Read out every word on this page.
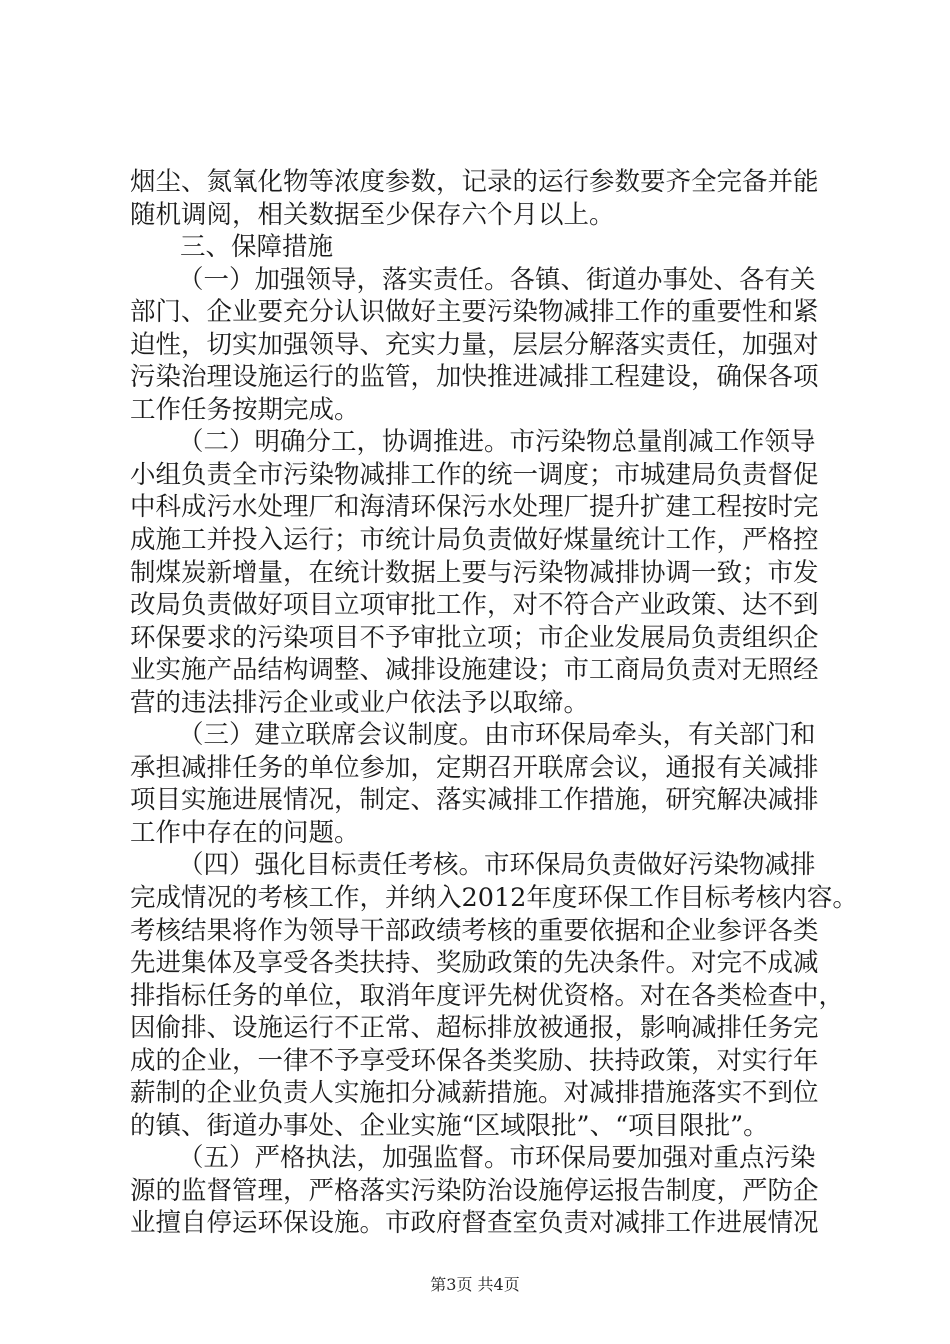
烟尘、氮氧化物等浓度参数，记录的运行参数要齐全完备并能
随机调阅，相关数据至少保存六个月以上。
三、保障措施
（一）加强领导，落实责任。各镇、街道办事处、各有关
部门、企业要充分认识做好主要污染物减排工作的重要性和紧
迫性，切实加强领导、充实力量，层层分解落实责任，加强对
污染治理设施运行的监管，加快推进减排工程建设，确保各项
工作任务按期完成。
（二）明确分工，协调推进。市污染物总量削减工作领导
小组负责全市污染物减排工作的统一调度；市城建局负责督促
中科成污水处理厂和海清环保污水处理厂提升扩建工程按时完
成施工并投入运行；市统计局负责做好煤量统计工作，严格控
制煤炭新增量，在统计数据上要与污染物减排协调一致；市发
改局负责做好项目立项审批工作，对不符合产业政策、达不到
环保要求的污染项目不予审批立项；市企业发展局负责组织企
业实施产品结构调整、减排设施建设；市工商局负责对无照经
营的违法排污企业或业户依法予以取缔。
（三）建立联席会议制度。由市环保局牵头，有关部门和
承担减排任务的单位参加，定期召开联席会议，通报有关减排
项目实施进展情况，制定、落实减排工作措施，研究解决减排
工作中存在的问题。
（四）强化目标责任考核。市环保局负责做好污染物减排
完成情况的考核工作，并纳入2012年度环保工作目标考核内容。
考核结果将作为领导干部政绩考核的重要依据和企业参评各类
先进集体及享受各类扶持、奖励政策的先决条件。对完不成减
排指标任务的单位，取消年度评先树优资格。对在各类检查中，
因偷排、设施运行不正常、超标排放被通报，影响减排任务完
成的企业，一律不予享受环保各类奖励、扶持政策，对实行年
薪制的企业负责人实施扣分减薪措施。对减排措施落实不到位
的镇、街道办事处、企业实施“区域限批”、“项目限批”。
（五）严格执法，加强监督。市环保局要加强对重点污染
源的监督管理，严格落实污染防治设施停运报告制度，严防企
业擅自停运环保设施。市政府督查室负责对减排工作进展情况
第3页 共4页
